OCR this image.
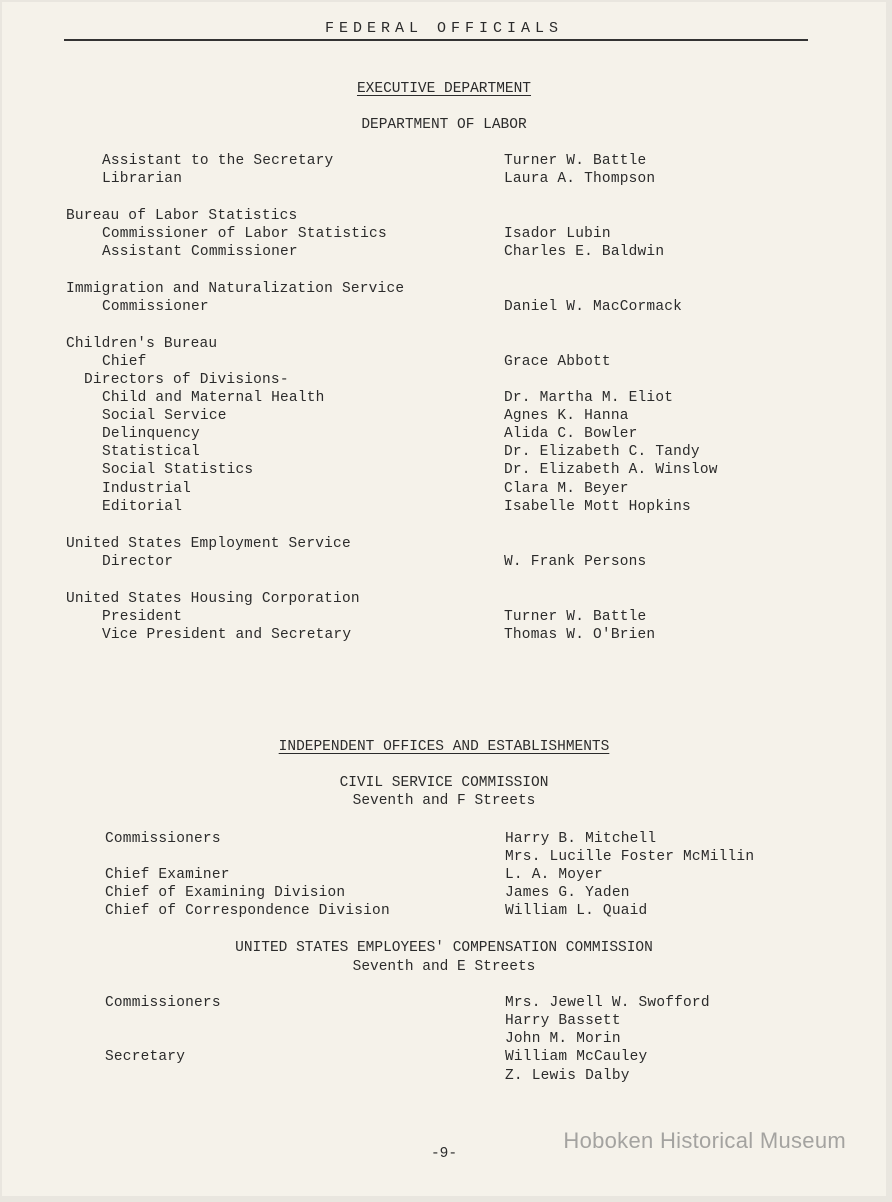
FEDERAL OFFICIALS
EXECUTIVE DEPARTMENT
DEPARTMENT OF LABOR
Assistant to the Secretary	Turner W. Battle
Librarian	Laura A. Thompson
Bureau of Labor Statistics
Commissioner of Labor Statistics	Isador Lubin
Assistant Commissioner	Charles E. Baldwin
Immigration and Naturalization Service
Commissioner	Daniel W. MacCormack
Children's Bureau
Chief	Grace Abbott
Directors of Divisions-
Child and Maternal Health	Dr. Martha M. Eliot
Social Service	Agnes K. Hanna
Delinquency	Alida C. Bowler
Statistical	Dr. Elizabeth C. Tandy
Social Statistics	Dr. Elizabeth A. Winslow
Industrial	Clara M. Beyer
Editorial	Isabelle Mott Hopkins
United States Employment Service
Director	W. Frank Persons
United States Housing Corporation
President	Turner W. Battle
Vice President and Secretary	Thomas W. O'Brien
INDEPENDENT OFFICES AND ESTABLISHMENTS
CIVIL SERVICE COMMISSION
Seventh and F Streets
Commissioners	Harry B. Mitchell
Mrs. Lucille Foster McMillin
Chief Examiner	L. A. Moyer
Chief of Examining Division	James G. Yaden
Chief of Correspondence Division	William L. Quaid
UNITED STATES EMPLOYEES' COMPENSATION COMMISSION
Seventh and E Streets
Commissioners	Mrs. Jewell W. Swofford
Harry Bassett
John M. Morin
Secretary	William McCauley
Z. Lewis Dalby
-9-
Hoboken Historical Museum
